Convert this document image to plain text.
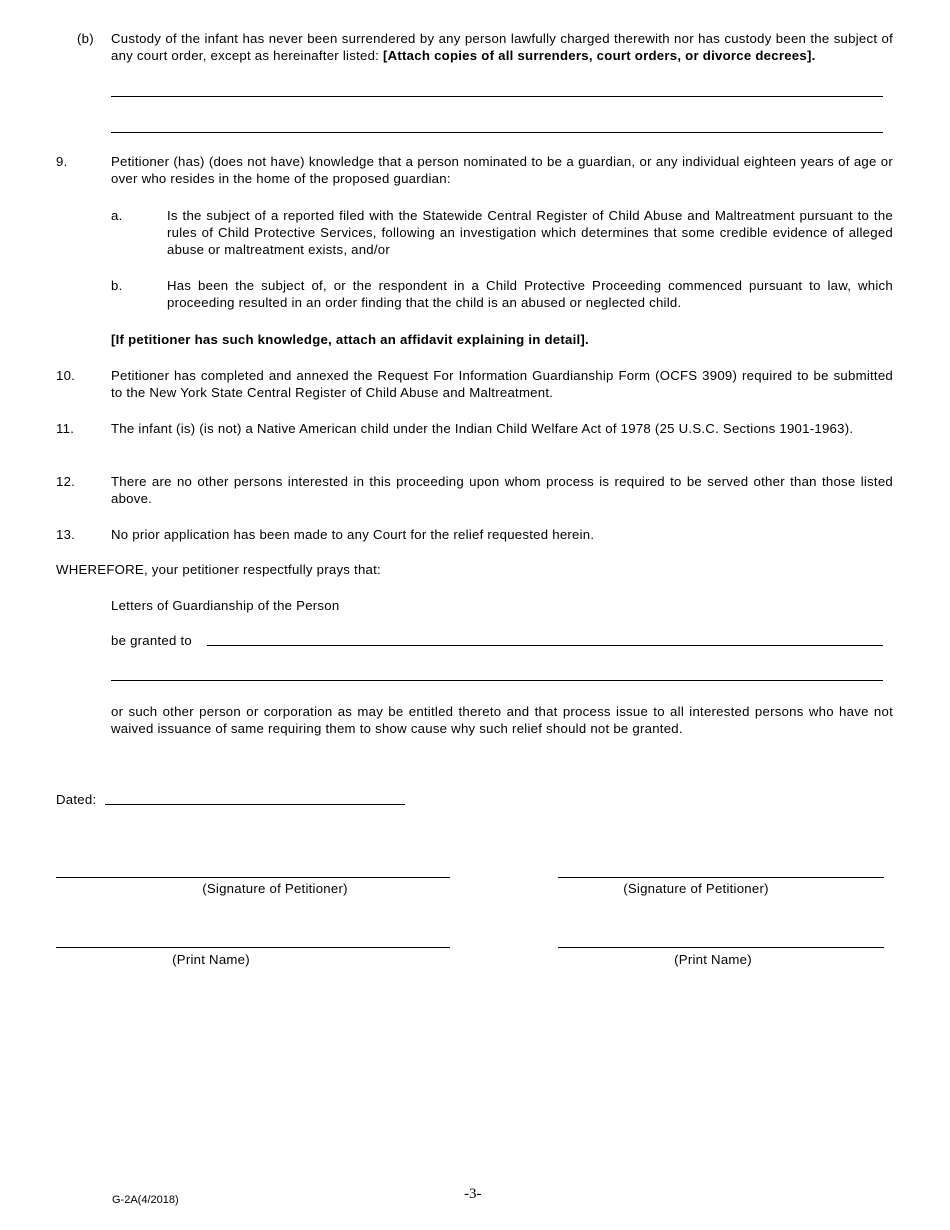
(b) Custody of the infant has never been surrendered by any person lawfully charged therewith nor has custody been the subject of any court order, except as hereinafter listed: [Attach copies of all surrenders, court orders, or divorce decrees].

9.	Petitioner (has) (does not have) knowledge that a person nominated to be a guardian, or any individual eighteen years of age or over who resides in the home of the proposed guardian:

a.	Is the subject of a reported filed with the Statewide Central Register of Child Abuse and Maltreatment pursuant to the rules of Child Protective Services, following an investigation which determines that some credible evidence of alleged abuse or maltreatment exists, and/or

b.	Has been the subject of, or the respondent in a Child Protective Proceeding commenced pursuant to law, which proceeding resulted in an order finding that the child is an abused or neglected child.

[If petitioner has such knowledge, attach an affidavit explaining in detail].
10.	Petitioner has completed and annexed the Request For Information Guardianship Form (OCFS 3909) required to be submitted to the New York State Central Register of Child Abuse and Maltreatment.

11.	The infant (is) (is not) a Native American child under the Indian Child Welfare Act of 1978 (25 U.S.C. Sections 1901-1963).

12.	There are no other persons interested in this proceeding upon whom process is required to be served other than those listed above.

13.	No prior application has been made to any Court for the relief requested herein.
WHEREFORE, your petitioner respectfully prays that:
Letters of Guardianship of the Person
be granted to

or such other person or corporation as may be entitled thereto and that process issue to all interested persons who have not waived issuance of same requiring them to show cause why such relief should not be granted.

Dated:
(Signature of Petitioner)	(Signature of Petitioner)
(Print Name)	(Print Name)
G-2A(4/2018)	-3-
